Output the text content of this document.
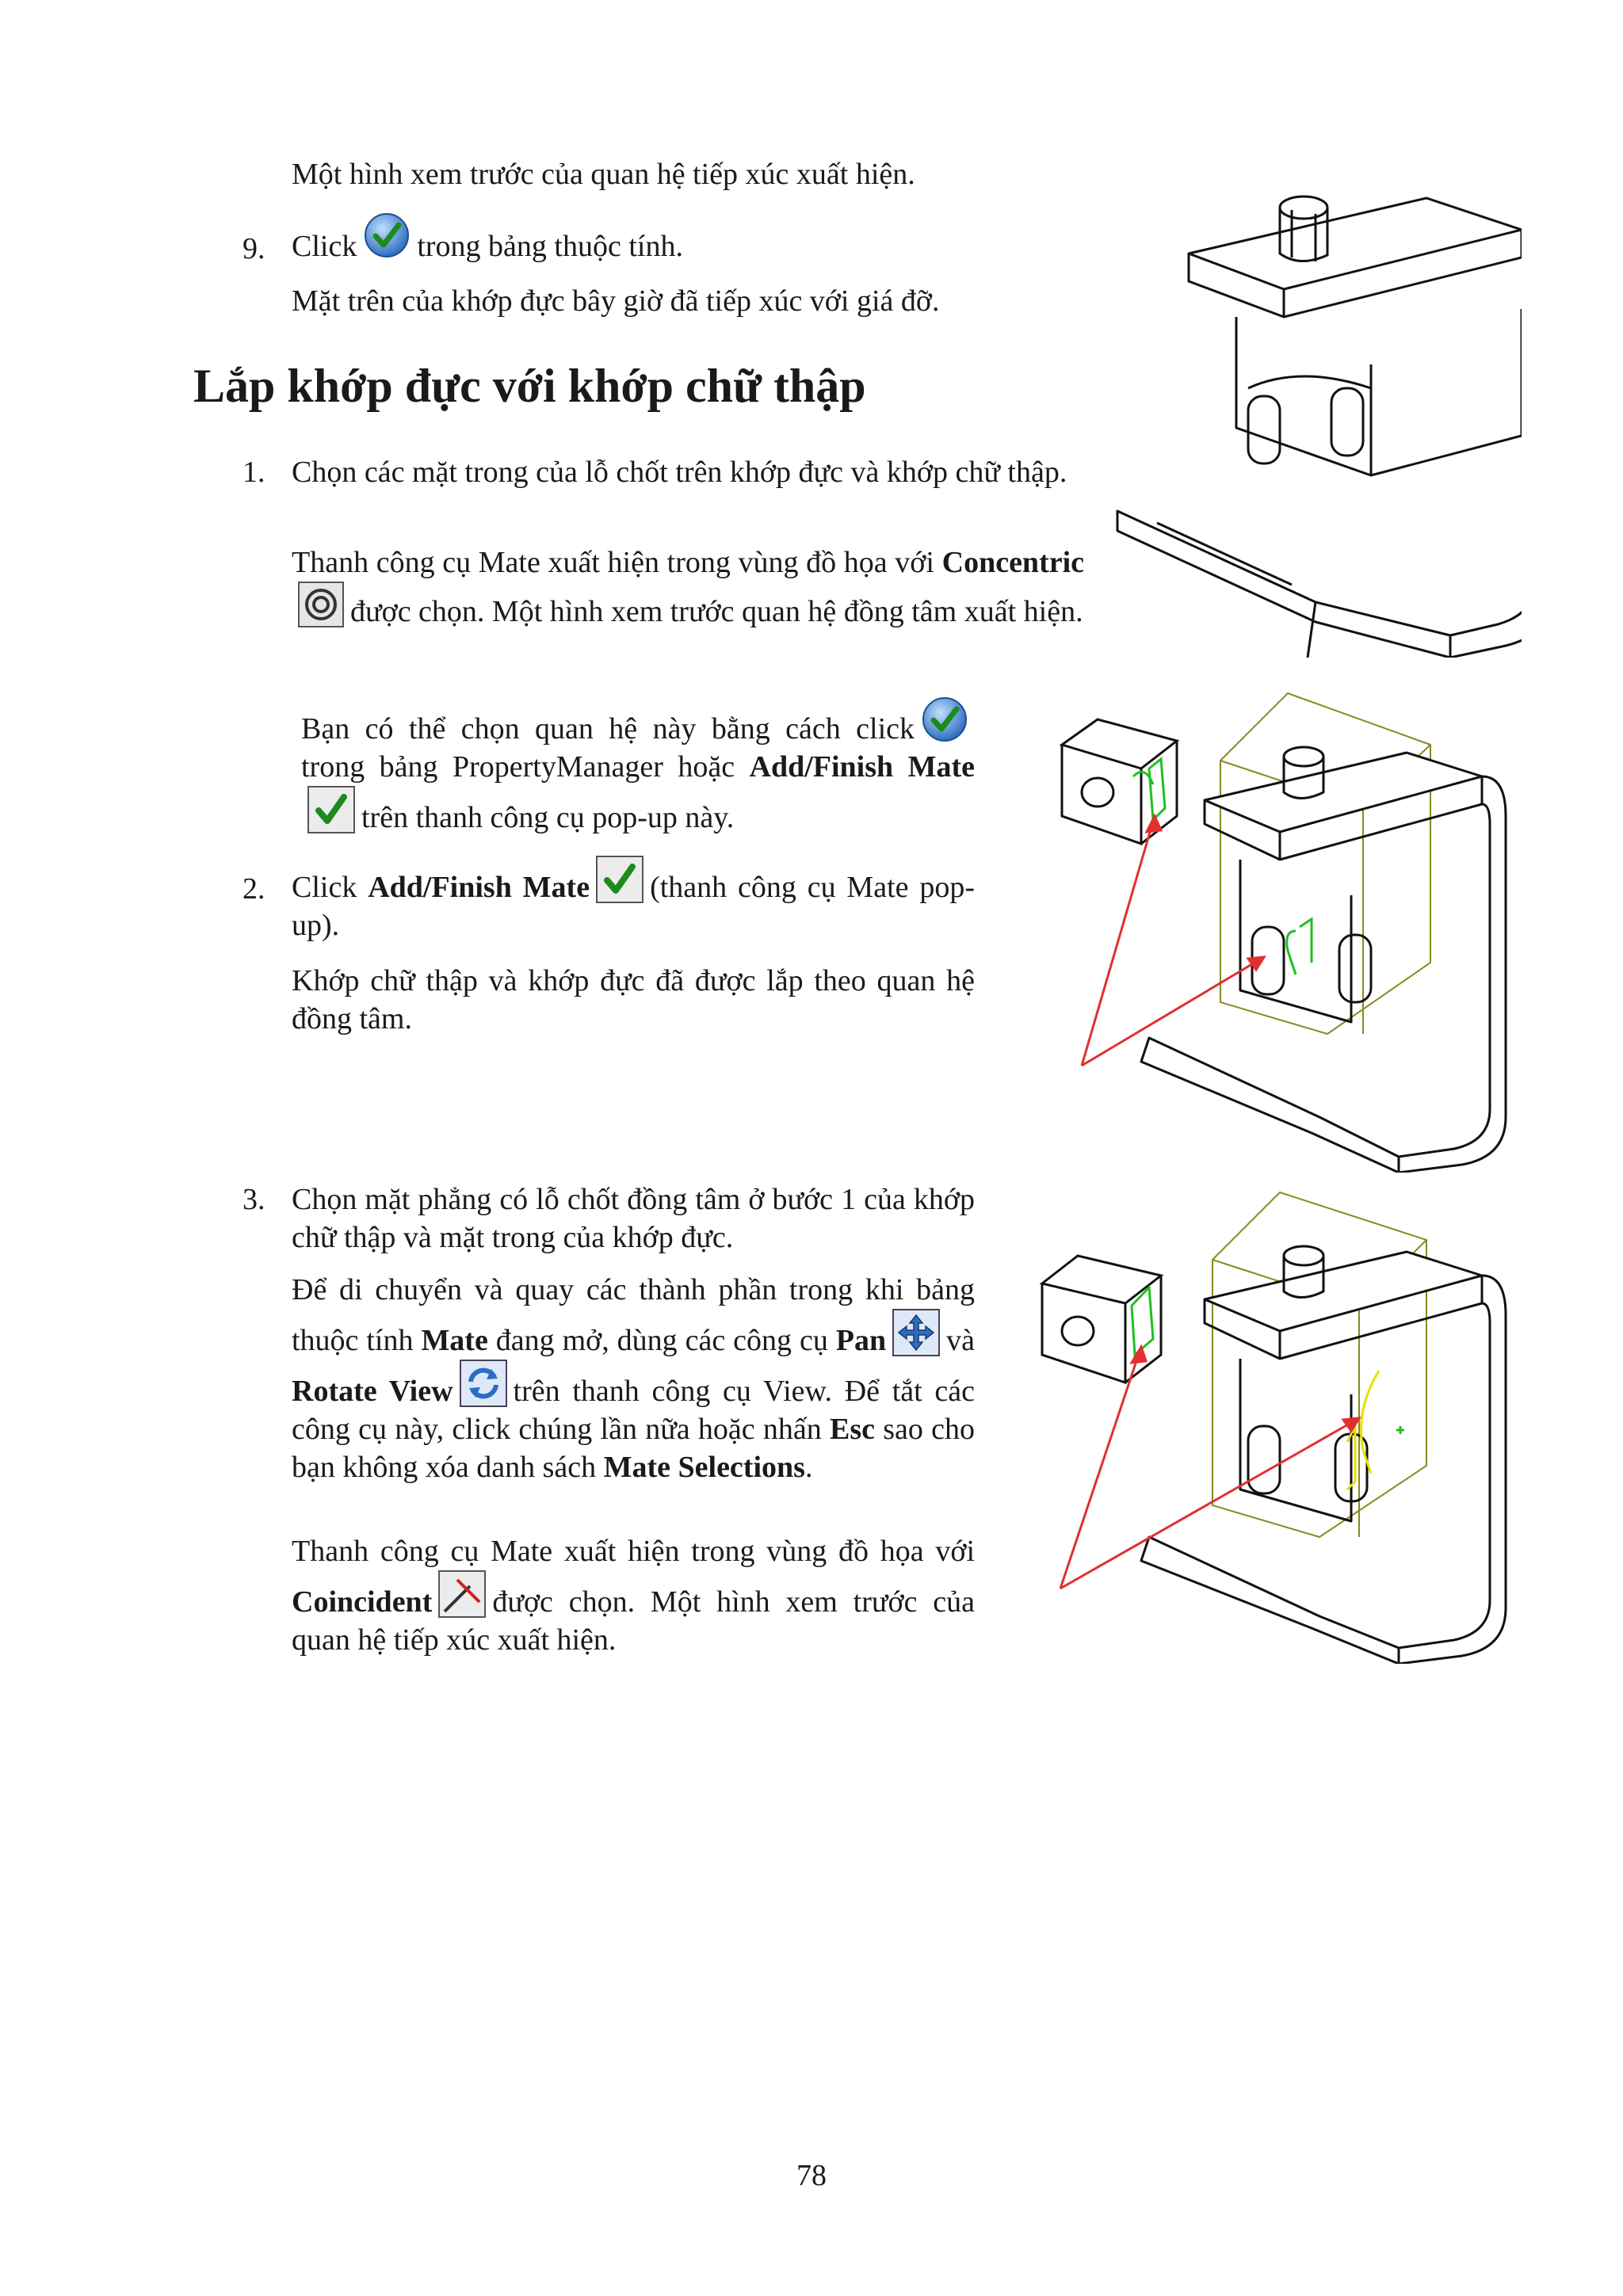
Một hình xem trước của quan hệ tiếp xúc xuất hiện.
9. Click trong bảng thuộc tính.
Mặt trên của khớp đực bây giờ đã tiếp xúc với giá đỡ.
Lắp khớp đực với khớp chữ thập
1. Chọn các mặt trong của lỗ chốt trên khớp đực và khớp chữ thập.
Thanh công cụ Mate xuất hiện trong vùng đồ họa với Concentric
được chọn. Một hình xem trước quan hệ đồng tâm xuất hiện.
Bạn có thể chọn quan hệ này bằng cách click
trong bảng PropertyManager hoặc Add/Finish Mate
trên thanh công cụ pop-up này.
2. Click Add/Finish Mate (thanh công cụ Mate pop-up).
Khớp chữ thập và khớp đực đã được lắp theo quan hệ đồng tâm.
3. Chọn mặt phẳng có lỗ chốt đồng tâm ở bước 1 của khớp chữ thập và mặt trong của khớp đực.
Để di chuyển và quay các thành phần trong khi bảng thuộc tính Mate đang mở, dùng các công cụ Pan và Rotate View trên thanh công cụ View. Để tắt các công cụ này, click chúng lần nữa hoặc nhấn Esc sao cho bạn không xóa danh sách Mate Selections.
Thanh công cụ Mate xuất hiện trong vùng đồ họa với Coincident được chọn. Một hình xem trước của quan hệ tiếp xúc xuất hiện.
78
